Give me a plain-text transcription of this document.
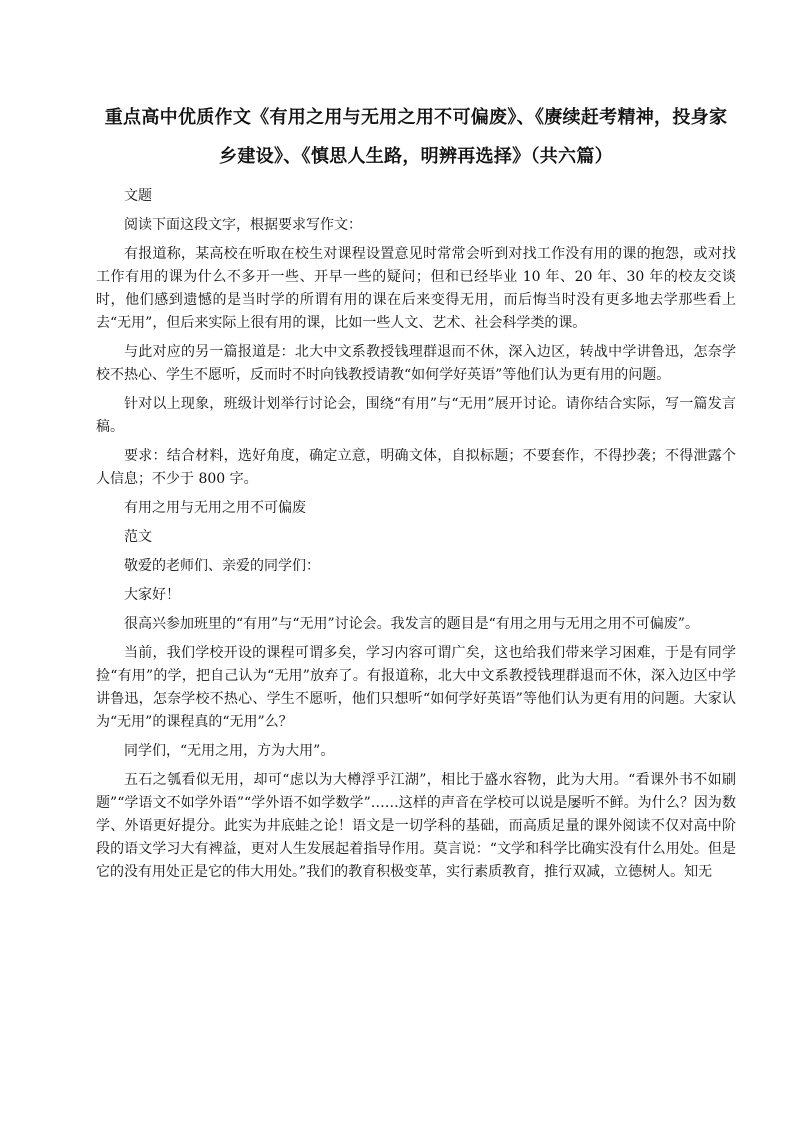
重点高中优质作文《有用之用与无用之用不可偏废》、《赓续赶考精神，投身家乡建设》、《慎思人生路，明辨再选择》（共六篇）

文题

阅读下面这段文字，根据要求写作文：

有报道称，某高校在听取在校生对课程设置意见时常常会听到对找工作没有用的课的抱怨，或对找工作有用的课为什么不多开一些、开早一些的疑问；但和已经毕业 10 年、20 年、30 年的校友交谈时，他们感到遗憾的是当时学的所谓有用的课在后来变得无用，而后悔当时没有更多地去学那些看上去“无用”，但后来实际上很有用的课，比如一些人文、艺术、社会科学类的课。

与此对应的另一篇报道是：北大中文系教授钱理群退而不休，深入边区，转战中学讲鲁迅，怎奈学校不热心、学生不愿听，反而时不时向钱教授请教“如何学好英语”等他们认为更有用的问题。

针对以上现象，班级计划举行讨论会，围绕“有用”与“无用”展开讨论。请你结合实际，写一篇发言稿。

要求：结合材料，选好角度，确定立意，明确文体，自拟标题；不要套作，不得抄袭；不得泄露个人信息；不少于 800 字。

有用之用与无用之用不可偏废

范文

敬爱的老师们、亲爱的同学们：

大家好！

很高兴参加班里的“有用”与“无用”讨论会。我发言的题目是“有用之用与无用之用不可偏废”。

当前，我们学校开设的课程可谓多矣，学习内容可谓广矣，这也给我们带来学习困难，于是有同学捡“有用”的学，把自己认为“无用”放弃了。有报道称，北大中文系教授钱理群退而不休，深入边区中学讲鲁迅，怎奈学校不热心、学生不愿听，他们只想听“如何学好英语”等他们认为更有用的问题。大家认为“无用”的课程真的“无用”么？

同学们，“无用之用，方为大用”。

五石之瓠看似无用，却可“虑以为大樽浮乎江湖”，相比于盛水容物，此为大用。“看课外书不如刷题”“学语文不如学外语”“学外语不如学数学”……这样的声音在学校可以说是屡听不鲜。为什么？因为数学、外语更好提分。此实为井底蛙之论！语文是一切学科的基础，而高质足量的课外阅读不仅对高中阶段的语文学习大有裨益，更对人生发展起着指导作用。莫言说：“文学和科学比确实没有什么用处。但是它的没有用处正是它的伟大用处。”我们的教育积极变革，实行素质教育，推行双减，立德树人。知无
